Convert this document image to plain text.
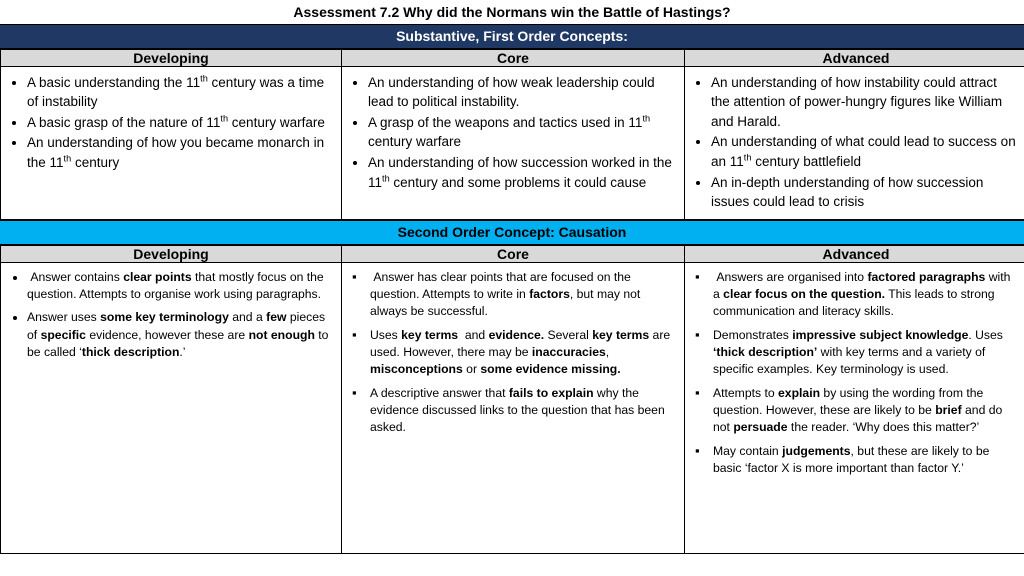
Assessment 7.2 Why did the Normans win the Battle of Hastings?
Substantive, First Order Concepts:
Developing	Core	Advanced

• A basic understanding the 11th century was a time of instability
• A basic grasp of the nature of 11th century warfare
• An understanding of how you became monarch in the 11th century

• An understanding of how weak leadership could lead to political instability.
• A grasp of the weapons and tactics used in 11th century warfare
• An understanding of how succession worked in the 11th century and some problems it could cause

• An understanding of how instability could attract the attention of power-hungry figures like William and Harald.
• An understanding of what could lead to success on an 11th century battlefield
• An in-depth understanding of how succession issues could lead to crisis
Second Order Concept: Causation
Developing	Core	Advanced

•  Answer contains clear points that mostly focus on the question. Attempts to organise work using paragraphs.
• Answer uses some key terminology and a few pieces of specific evidence, however these are not enough to be called ‘thick description.’

▪  Answer has clear points that are focused on the question. Attempts to write in factors, but may not always be successful.
▪ Uses key terms  and evidence. Several key terms are used. However, there may be inaccuracies, misconceptions or some evidence missing.
▪ A descriptive answer that fails to explain why the evidence discussed links to the question that has been asked.

▪  Answers are organised into factored paragraphs with a clear focus on the question. This leads to strong communication and literacy skills.
▪ Demonstrates impressive subject knowledge. Uses ‘thick description’ with key terms and a variety of specific examples. Key terminology is used.
▪ Attempts to explain by using the wording from the question. However, these are likely to be brief and do not persuade the reader. ‘Why does this matter?’
▪ May contain judgements, but these are likely to be basic ‘factor X is more important than factor Y.’
